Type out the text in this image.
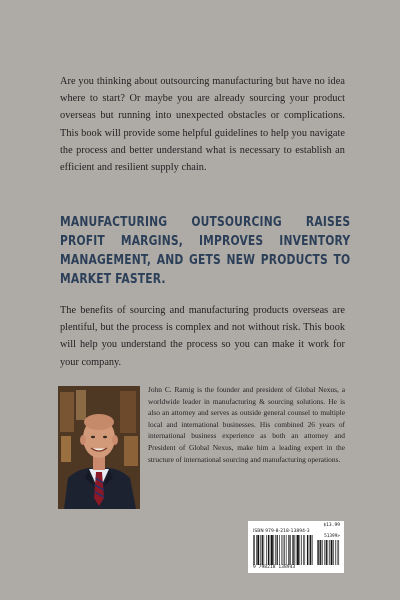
Are you thinking about outsourcing manufacturing but have no idea where to start? Or maybe you are already sourcing your product overseas but running into unexpected obstacles or complications. This book will provide some helpful guidelines to help you navigate the process and better understand what is necessary to establish an efficient and resilient supply chain.

MANUFACTURING OUTSOURCING RAISES PROFIT MARGINS, IMPROVES INVENTORY MANAGEMENT, AND GETS NEW PRODUCTS TO MARKET FASTER.

The benefits of sourcing and manufacturing products overseas are plentiful, but the process is complex and not without risk. This book will help you understand the process so you can make it work for your company.

John C. Ramig is the founder and president of Global Nexus, a worldwide leader in manufacturing & sourcing solutions. He is also an attorney and serves as outside general counsel to multiple local and international businesses. His combined 26 years of international business experience as both an attorney and President of Global Nexus, make him a leading expert in the structure of international sourcing and manufacturing operations.

$13.99
ISBN 979-8-218-13894-3
51399>
9 798218 138943
